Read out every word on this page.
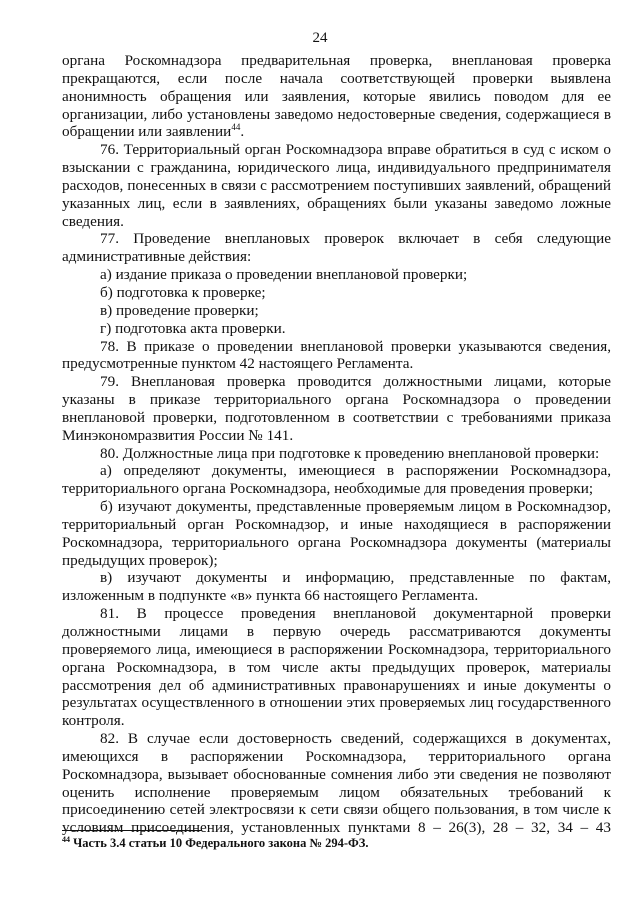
24

органа Роскомнадзора предварительная проверка, внеплановая проверка прекращаются, если после начала соответствующей проверки выявлена анонимность обращения или заявления, которые явились поводом для ее организации, либо установлены заведомо недостоверные сведения, содержащиеся в обращении или заявлении$^{44}$.

76. Территориальный орган Роскомнадзора вправе обратиться в суд с иском о взыскании с гражданина, юридического лица, индивидуального предпринимателя расходов, понесенных в связи с рассмотрением поступивших заявлений, обращений указанных лиц, если в заявлениях, обращениях были указаны заведомо ложные сведения.

77. Проведение внеплановых проверок включает в себя следующие административные действия:

а) издание приказа о проведении внеплановой проверки;

б) подготовка к проверке;

в) проведение проверки;

г) подготовка акта проверки.

78. В приказе о проведении внеплановой проверки указываются сведения, предусмотренные пунктом 42 настоящего Регламента.

79. Внеплановая проверка проводится должностными лицами, которые указаны в приказе территориального органа Роскомнадзора о проведении внеплановой проверки, подготовленном в соответствии с требованиями приказа Минэкономразвития России № 141.

80. Должностные лица при подготовке к проведению внеплановой проверки:

а) определяют документы, имеющиеся в распоряжении Роскомнадзора, территориального органа Роскомнадзора, необходимые для проведения проверки;

б) изучают документы, представленные проверяемым лицом в Роскомнадзор, территориальный орган Роскомнадзор, и иные находящиеся в распоряжении Роскомнадзора, территориального органа Роскомнадзора документы (материалы предыдущих проверок);

в) изучают документы и информацию, представленные по фактам, изложенным в подпункте «в» пункта 66 настоящего Регламента.

81. В процессе проведения внеплановой документарной проверки должностными лицами в первую очередь рассматриваются документы проверяемого лица, имеющиеся в распоряжении Роскомнадзора, территориального органа Роскомнадзора, в том числе акты предыдущих проверок, материалы рассмотрения дел об административных правонарушениях и иные документы о результатах осуществленного в отношении этих проверяемых лиц государственного контроля.

82. В случае если достоверность сведений, содержащихся в документах, имеющихся в распоряжении Роскомнадзора, территориального органа Роскомнадзора, вызывает обоснованные сомнения либо эти сведения не позволяют оценить исполнение проверяемым лицом обязательных требований к присоединению сетей электросвязи к сети связи общего пользования, в том числе к условиям присоединения, установленных пунктами 8 – 26(3), 28 – 32, 34 – 43

$^{44}$ Часть 3.4 статьи 10 Федерального закона № 294-ФЗ.
